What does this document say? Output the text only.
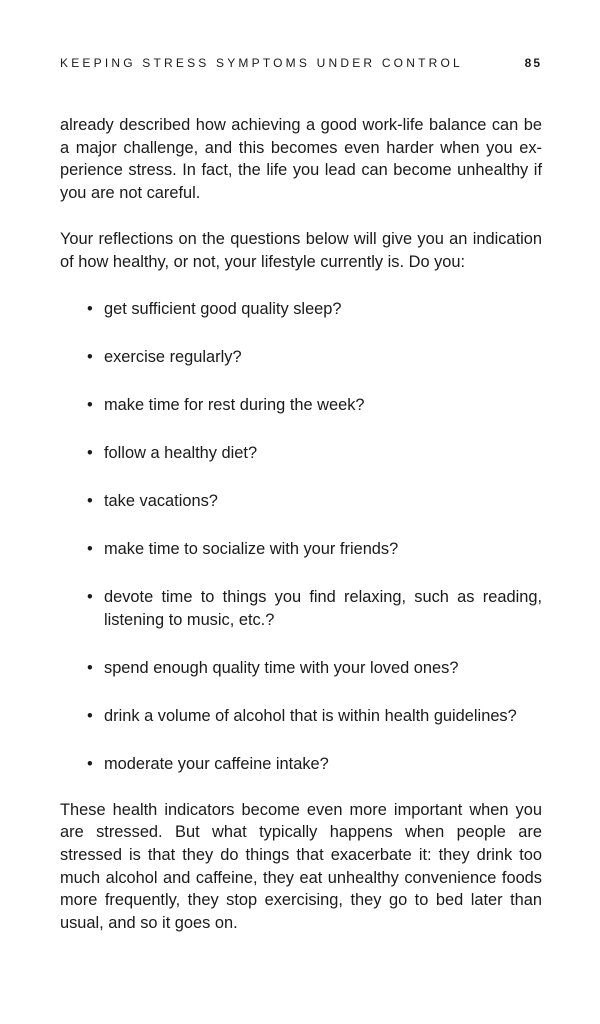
KEEPING STRESS SYMPTOMS UNDER CONTROL	85

already described how achieving a good work-life balance can be a major challenge, and this becomes even harder when you experience stress. In fact, the life you lead can become unhealthy if you are not careful.

Your reflections on the questions below will give you an indication of how healthy, or not, your lifestyle currently is. Do you:

• get sufficient good quality sleep?
• exercise regularly?
• make time for rest during the week?
• follow a healthy diet?
• take vacations?
• make time to socialize with your friends?
• devote time to things you find relaxing, such as reading, listening to music, etc.?
• spend enough quality time with your loved ones?
• drink a volume of alcohol that is within health guidelines?
• moderate your caffeine intake?

These health indicators become even more important when you are stressed. But what typically happens when people are stressed is that they do things that exacerbate it: they drink too much alcohol and caffeine, they eat unhealthy convenience foods more frequently, they stop exercising, they go to bed later than usual, and so it goes on.
